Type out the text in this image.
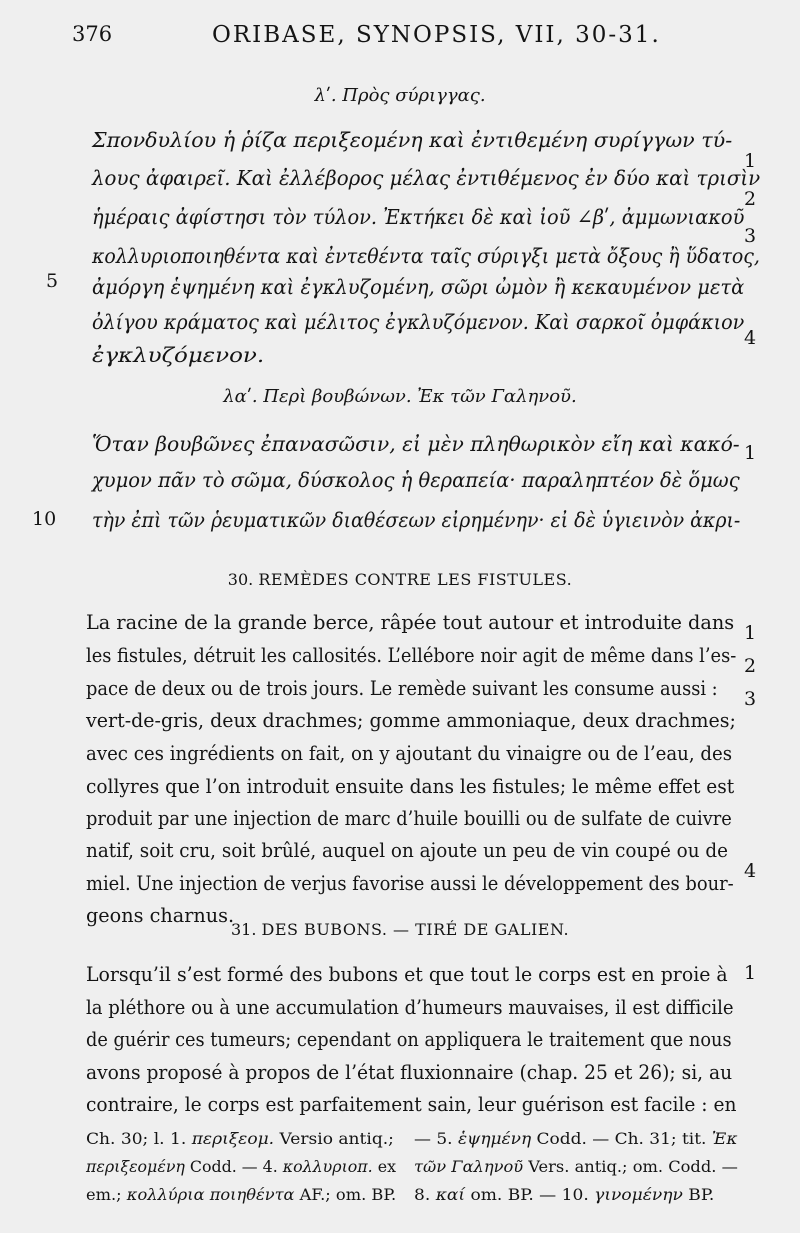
376	ORIBASE, SYNOPSIS, VII, 30-31.
λʹ. Πρὸς σύριγγας.
Σπονδυλίου ἡ ῥίζα περιξεομένη καὶ ἐντιθεμένη συρίγγων τύ-
λους ἀφαιρεῖ. Καὶ ἐλλέβορος μέλας ἐντιθέμενος ἐν δύο καὶ τρισὶν
ἡμέραις ἀφίστησι τὸν τύλον. Ἐκτήκει δὲ καὶ ἰοῦ ∠βʹ, ἀμμωνιακοῦ
κολλυριοποιηθέντα καὶ ἐντεθέντα ταῖς σύριγξι μετὰ ὄξους ἢ ὕδατος,
ἀμόργη ἑψημένη καὶ ἐγκλυζομένη, σῶρι ὠμὸν ἢ κεκαυμένον μετὰ
ὀλίγου κράματος καὶ μέλιτος ἐγκλυζόμενον. Καὶ σαρκοῖ ὀμφάκιον
ἐγκλυζόμενον.
5
1
2
3
4
λαʹ. Περὶ βουβώνων. Ἐκ τῶν Γαληνοῦ.
Ὅταν βουβῶνες ἐπανασῶσιν, εἰ μὲν πληθωρικὸν εἴη καὶ κακό-
χυμον πᾶν τὸ σῶμα, δύσκολος ἡ θεραπεία· παραληπτέον δὲ ὅμως
τὴν ἐπὶ τῶν ῥευματικῶν διαθέσεων εἰρημένην· εἰ δὲ ὑγιεινὸν ἀκρι-
10
1
30. REMÈDES CONTRE LES FISTULES.
La racine de la grande berce, râpée tout autour et introduite dans
les fistules, détruit les callosités. L’ellébore noir agit de même dans l’es-
pace de deux ou de trois jours. Le remède suivant les consume aussi :
vert-de-gris, deux drachmes; gomme ammoniaque, deux drachmes;
avec ces ingrédients on fait, on y ajoutant du vinaigre ou de l’eau, des
collyres que l’on introduit ensuite dans les fistules; le même effet est
produit par une injection de marc d’huile bouilli ou de sulfate de cuivre
natif, soit cru, soit brûlé, auquel on ajoute un peu de vin coupé ou de
miel. Une injection de verjus favorise aussi le développement des bour-
geons charnus.
1
2
3
4
31. DES BUBONS. — TIRÉ DE GALIEN.
Lorsqu’il s’est formé des bubons et que tout le corps est en proie à
la pléthore ou à une accumulation d’humeurs mauvaises, il est difficile
de guérir ces tumeurs; cependant on appliquera le traitement que nous
avons proposé à propos de l’état fluxionnaire (chap. 25 et 26); si, au
contraire, le corps est parfaitement sain, leur guérison est facile : en
1
Ch. 30; l. 1. περιξεομ. Versio antiq.;
περιξεομένη Codd. — 4. κολλυριοπ. ex
em.; κολλύρια ποιηθέντα AF.; om. BP.
— 5. ἑψημένη Codd. — Ch. 31; tit. Ἐκ
τῶν Γαληνοῦ Vers. antiq.; om. Codd. —
8. καί om. BP. — 10. γινομένην BP.
